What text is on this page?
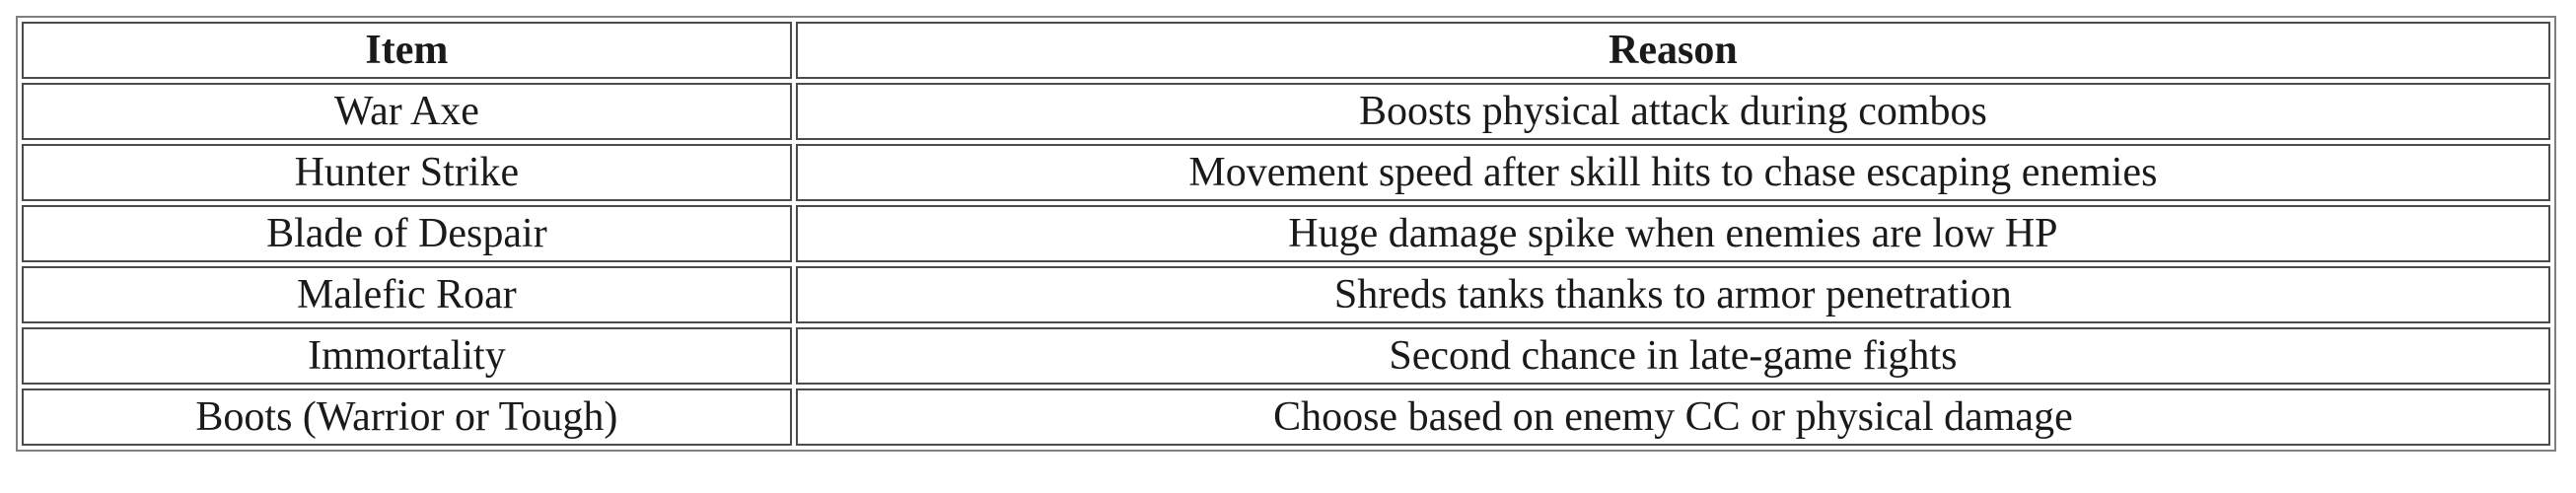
Item	Reason
War Axe	Boosts physical attack during combos
Hunter Strike	Movement speed after skill hits to chase escaping enemies
Blade of Despair	Huge damage spike when enemies are low HP
Malefic Roar	Shreds tanks thanks to armor penetration
Immortality	Second chance in late-game fights
Boots (Warrior or Tough)	Choose based on enemy CC or physical damage
